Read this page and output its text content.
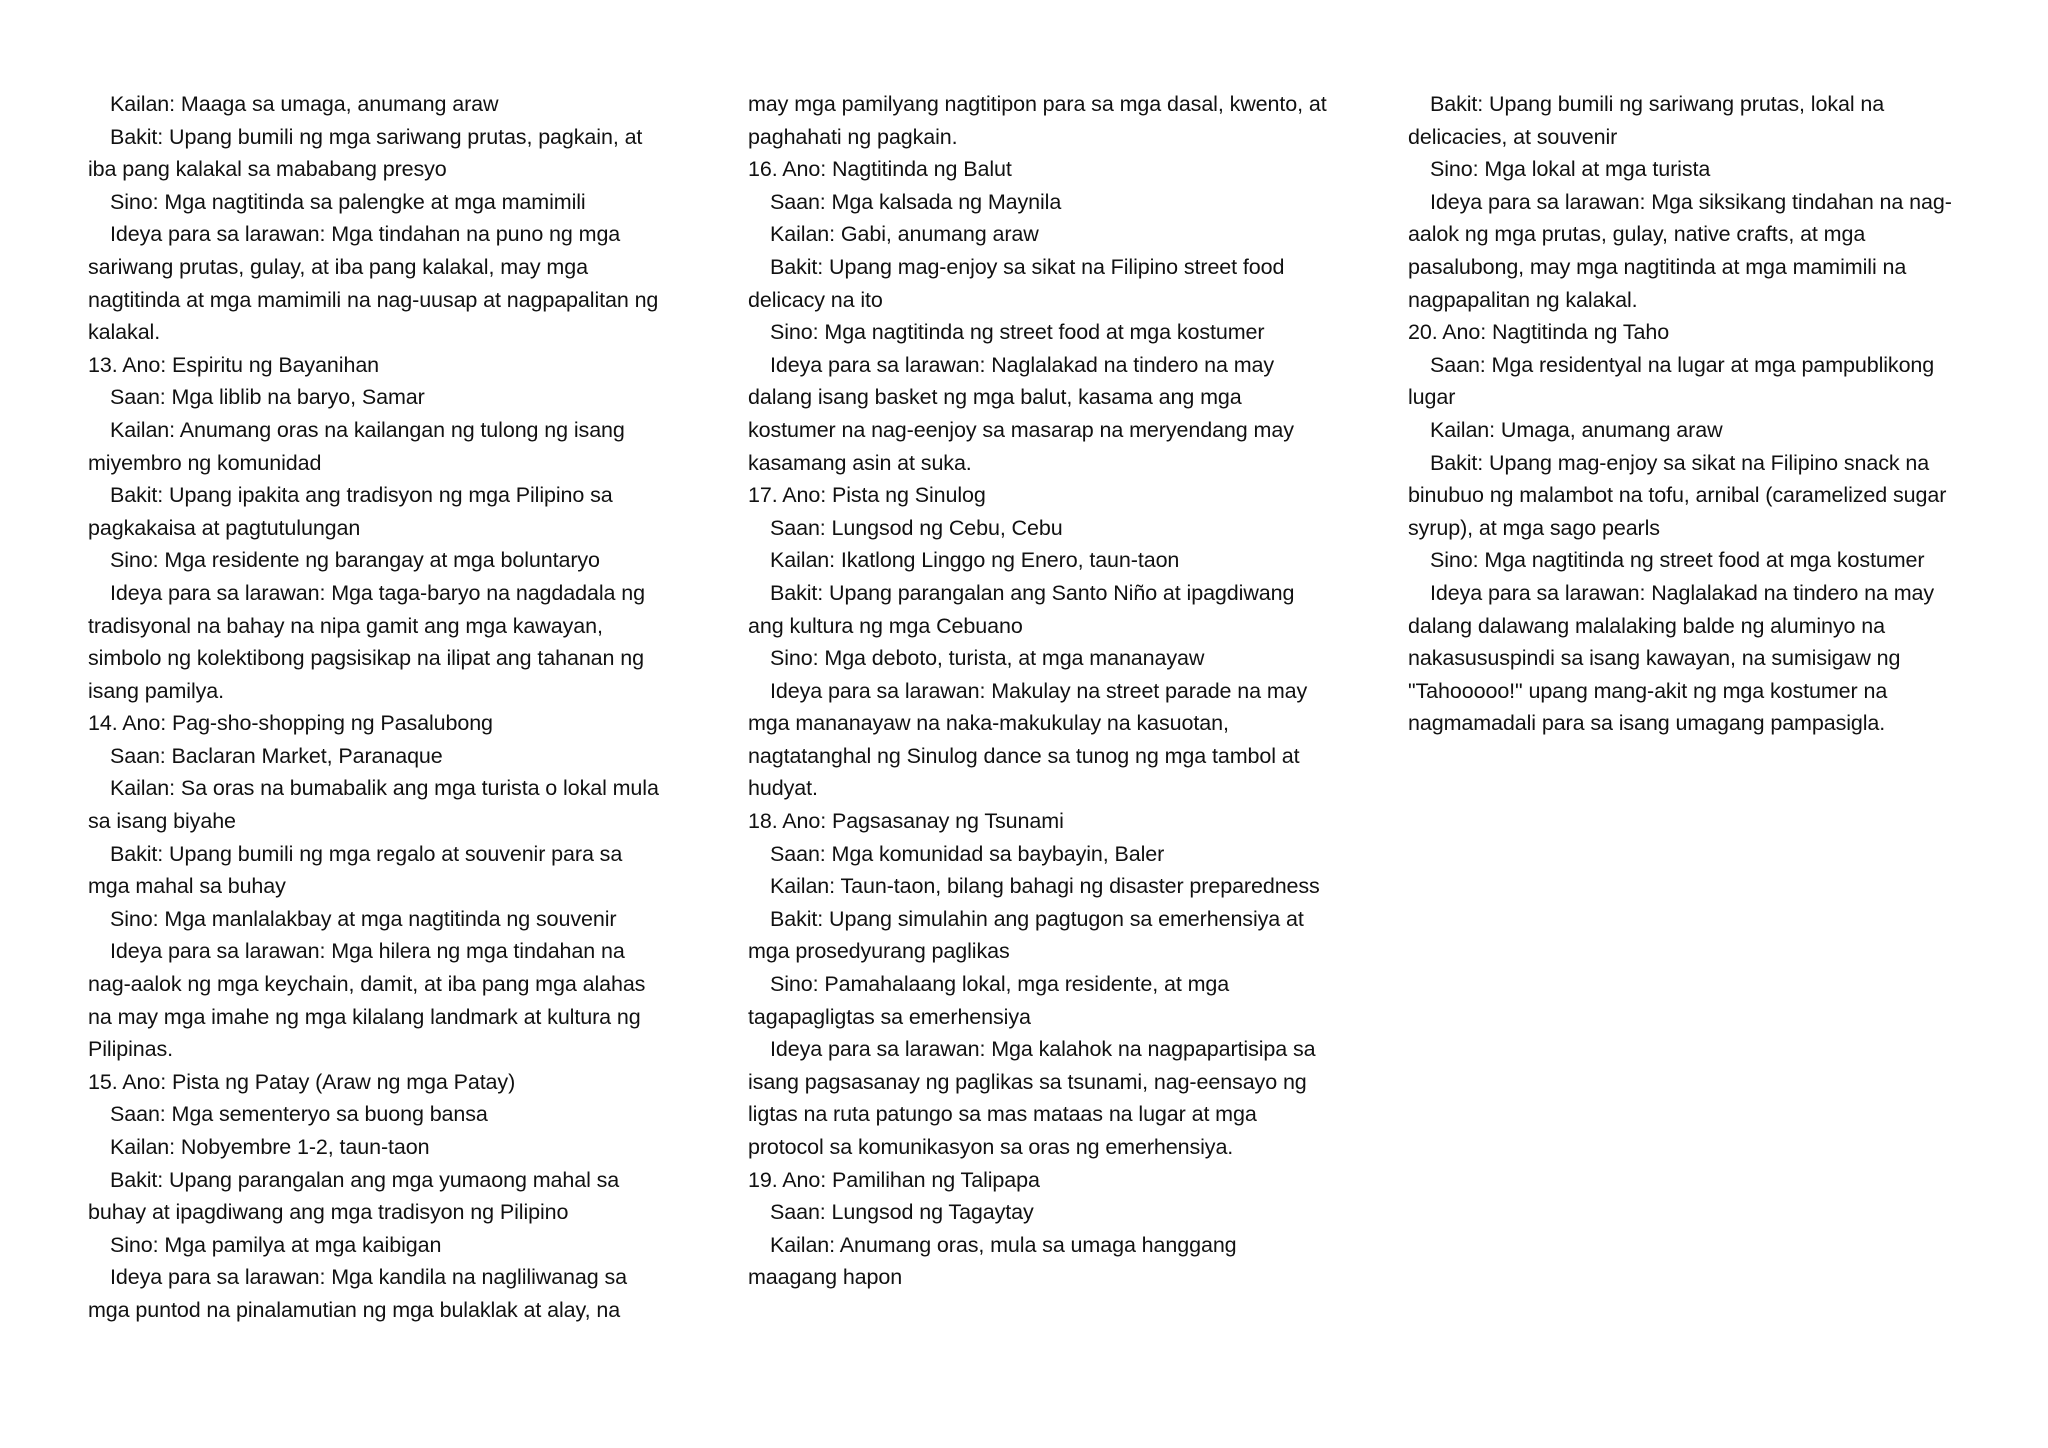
Kailan: Maaga sa umaga, anumang araw

Bakit: Upang bumili ng mga sariwang prutas, pagkain, at iba pang kalakal sa mababang presyo

Sino: Mga nagtitinda sa palengke at mga mamimili

Ideya para sa larawan: Mga tindahan na puno ng mga sariwang prutas, gulay, at iba pang kalakal, may mga nagtitinda at mga mamimili na nag-uusap at nagpapalitan ng kalakal.

13. Ano: Espiritu ng Bayanihan

Saan: Mga liblib na baryo, Samar

Kailan: Anumang oras na kailangan ng tulong ng isang miyembro ng komunidad

Bakit: Upang ipakita ang tradisyon ng mga Pilipino sa pagkakaisa at pagtutulungan

Sino: Mga residente ng barangay at mga boluntaryo

Ideya para sa larawan: Mga taga-baryo na nagdadala ng tradisyonal na bahay na nipa gamit ang mga kawayan, simbolo ng kolektibong pagsisikap na ilipat ang tahanan ng isang pamilya.

14. Ano: Pag-sho-shopping ng Pasalubong

Saan: Baclaran Market, Paranaque

Kailan: Sa oras na bumabalik ang mga turista o lokal mula sa isang biyahe

Bakit: Upang bumili ng mga regalo at souvenir para sa mga mahal sa buhay

Sino: Mga manlalakbay at mga nagtitinda ng souvenir

Ideya para sa larawan: Mga hilera ng mga tindahan na nag-aalok ng mga keychain, damit, at iba pang mga alahas na may mga imahe ng mga kilalang landmark at kultura ng Pilipinas.

15. Ano: Pista ng Patay (Araw ng mga Patay)

Saan: Mga sementeryo sa buong bansa

Kailan: Nobyembre 1-2, taun-taon

Bakit: Upang parangalan ang mga yumaong mahal sa buhay at ipagdiwang ang mga tradisyon ng Pilipino

Sino: Mga pamilya at mga kaibigan

Ideya para sa larawan: Mga kandila na nagliliwanag sa mga puntod na pinalamutian ng mga bulaklak at alay, na

may mga pamilyang nagtitipon para sa mga dasal, kwento, at paghahati ng pagkain.

16. Ano: Nagtitinda ng Balut

Saan: Mga kalsada ng Maynila

Kailan: Gabi, anumang araw

Bakit: Upang mag-enjoy sa sikat na Filipino street food delicacy na ito

Sino: Mga nagtitinda ng street food at mga kostumer

Ideya para sa larawan: Naglalakad na tindero na may dalang isang basket ng mga balut, kasama ang mga kostumer na nag-eenjoy sa masarap na meryendang may kasamang asin at suka.

17. Ano: Pista ng Sinulog

Saan: Lungsod ng Cebu, Cebu

Kailan: Ikatlong Linggo ng Enero, taun-taon

Bakit: Upang parangalan ang Santo Niño at ipagdiwang ang kultura ng mga Cebuano

Sino: Mga deboto, turista, at mga mananayaw

Ideya para sa larawan: Makulay na street parade na may mga mananayaw na naka-makukulay na kasuotan, nagtatanghal ng Sinulog dance sa tunog ng mga tambol at hudyat.

18. Ano: Pagsasanay ng Tsunami

Saan: Mga komunidad sa baybayin, Baler

Kailan: Taun-taon, bilang bahagi ng disaster preparedness

Bakit: Upang simulahin ang pagtugon sa emerhensiya at mga prosedyurang paglikas

Sino: Pamahalaang lokal, mga residente, at mga tagapagligtas sa emerhensiya

Ideya para sa larawan: Mga kalahok na nagpapartisipa sa isang pagsasanay ng paglikas sa tsunami, nag-eensayo ng ligtas na ruta patungo sa mas mataas na lugar at mga protocol sa komunikasyon sa oras ng emerhensiya.

19. Ano: Pamilihan ng Talipapa

Saan: Lungsod ng Tagaytay

Kailan: Anumang oras, mula sa umaga hanggang maagang hapon

Bakit: Upang bumili ng sariwang prutas, lokal na delicacies, at souvenir

Sino: Mga lokal at mga turista

Ideya para sa larawan: Mga siksikang tindahan na nag-aalok ng mga prutas, gulay, native crafts, at mga pasalubong, may mga nagtitinda at mga mamimili na nagpapalitan ng kalakal.

20. Ano: Nagtitinda ng Taho

Saan: Mga residentyal na lugar at mga pampublikong lugar

Kailan: Umaga, anumang araw

Bakit: Upang mag-enjoy sa sikat na Filipino snack na binubuo ng malambot na tofu, arnibal (caramelized sugar syrup), at mga sago pearls

Sino: Mga nagtitinda ng street food at mga kostumer

Ideya para sa larawan: Naglalakad na tindero na may dalang dalawang malalaking balde ng aluminyo na nakasususpindi sa isang kawayan, na sumisigaw ng "Tahooooo!" upang mang-akit ng mga kostumer na nagmamadali para sa isang umagang pampasigla.
